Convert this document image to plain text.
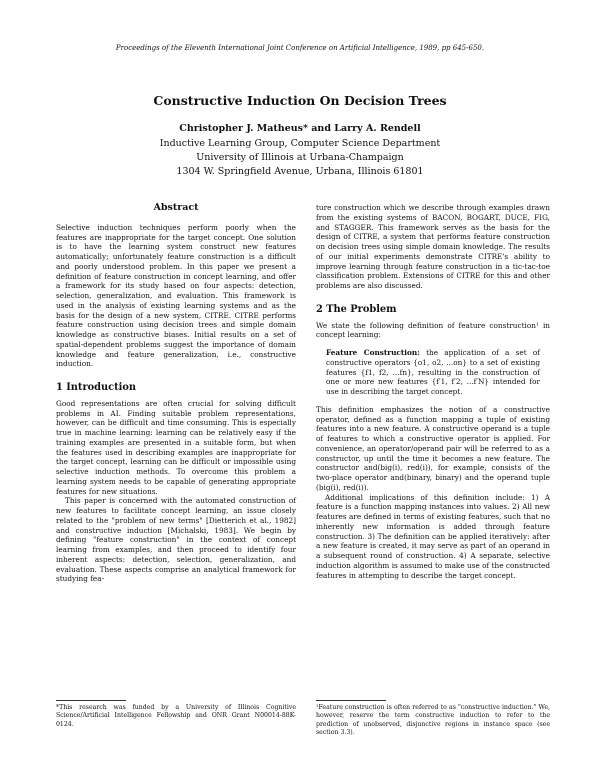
Proceedings of the Eleventh International Joint Conference on Artificial Intelligence, 1989, pp 645-650.
Constructive Induction On Decision Trees
Christopher J. Matheus* and Larry A. Rendell
Inductive Learning Group, Computer Science Department
University of Illinois at Urbana-Champaign
1304 W. Springfield Avenue, Urbana, Illinois 61801
Abstract

Selective induction techniques perform poorly when the features are inappropriate for the target concept. One solution is to have the learning system construct new features automatically; unfortunately feature construction is a difficult and poorly understood problem. In this paper we present a definition of feature construction in concept learning, and offer a framework for its study based on four aspects: detection, selection, generalization, and evaluation. This framework is used in the analysis of existing learning systems and as the basis for the design of a new system, CITRE. CITRE performs feature construction using decision trees and simple domain knowledge as constructive biases. Initial results on a set of spatial-dependent problems suggest the importance of domain knowledge and feature generalization, i.e., constructive induction.

1 Introduction

Good representations are often crucial for solving difficult problems in AI. Finding suitable problem representations, however, can be difficult and time consuming. This is especially true in machine learning: learning can be relatively easy if the training examples are presented in a suitable form, but when the features used in describing examples are inappropriate for the target concept, learning can be difficult or impossible using selective induction methods. To overcome this problem a learning system needs to be capable of generating appropriate features for new situations.

This paper is concerned with the automated construction of new features to facilitate concept learning, an issue closely related to the "problem of new terms" [Dietterich et al., 1982] and constructive induction [Michalski, 1983]. We begin by defining "feature construction" in the context of concept learning from examples, and then proceed to identify four inherent aspects: detection, selection, generalization, and evaluation. These aspects comprise an analytical framework for studying fea-

ture construction which we describe through examples drawn from the existing systems of BACON, BOGART, DUCE, FIG, and STAGGER. This framework serves as the basis for the design of CITRE, a system that performs feature construction on decision trees using simple domain knowledge. The results of our initial experiments demonstrate CITRE's ability to improve learning through feature construction in a tic-tac-toe classification problem. Extensions of CITRE for this and other problems are also discussed.

2 The Problem

We state the following definition of feature construction¹ in concept learning:

Feature Construction: the application of a set of constructive operators {o1, o2, ...on} to a set of existing features {f1, f2, ...fn}, resulting in the construction of one or more new features {f′1, f′2, ...f′N} intended for use in describing the target concept.

This definition emphasizes the notion of a constructive operator, defined as a function mapping a tuple of existing features into a new feature. A constructive operand is a tuple of features to which a constructive operator is applied. For convenience, an operator/operand pair will be referred to as a constructor, up until the time it becomes a new feature. The constructor and(big(i), red(i)), for example, consists of the two-place operator and(binary, binary) and the operand tuple (big(i), red(i)).

Additional implications of this definition include: 1) A feature is a function mapping instances into values. 2) All new features are defined in terms of existing features, such that no inherently new information is added through feature construction. 3) The definition can be applied iteratively: after a new feature is created, it may serve as part of an operand in a subsequent round of construction. 4) A separate, selective induction algorithm is assumed to make use of the constructed features in attempting to describe the target concept.

*This research was funded by a University of Illinois Cognitive Science/Artificial Intelligence Fellowship and ONR Grant N00014-88K-0124.
¹Feature construction is often referred to as "constructive induction." We, however, reserve the term constructive induction to refer to the prediction of unobserved, disjunctive regions in instance space (see section 3.3).
